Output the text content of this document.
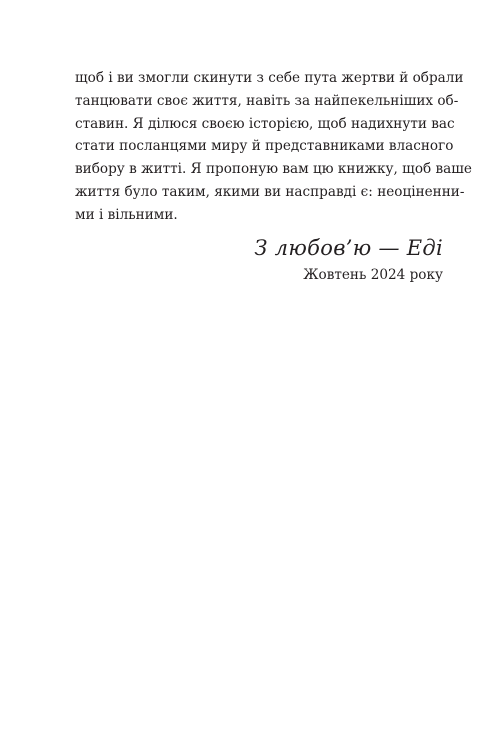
щоб і ви змогли скинути з себе пута жертви й обрали
танцювати своє життя, навіть за найпекельніших об-
ставин. Я ділюся своєю історією, щоб надихнути вас
стати посланцями миру й представниками власного
вибору в житті. Я пропоную вам цю книжку, щоб ваше
життя було таким, якими ви насправді є: неоціненни-
ми і вільними.
З любов’ю — Еді
Жовтень 2024 року
